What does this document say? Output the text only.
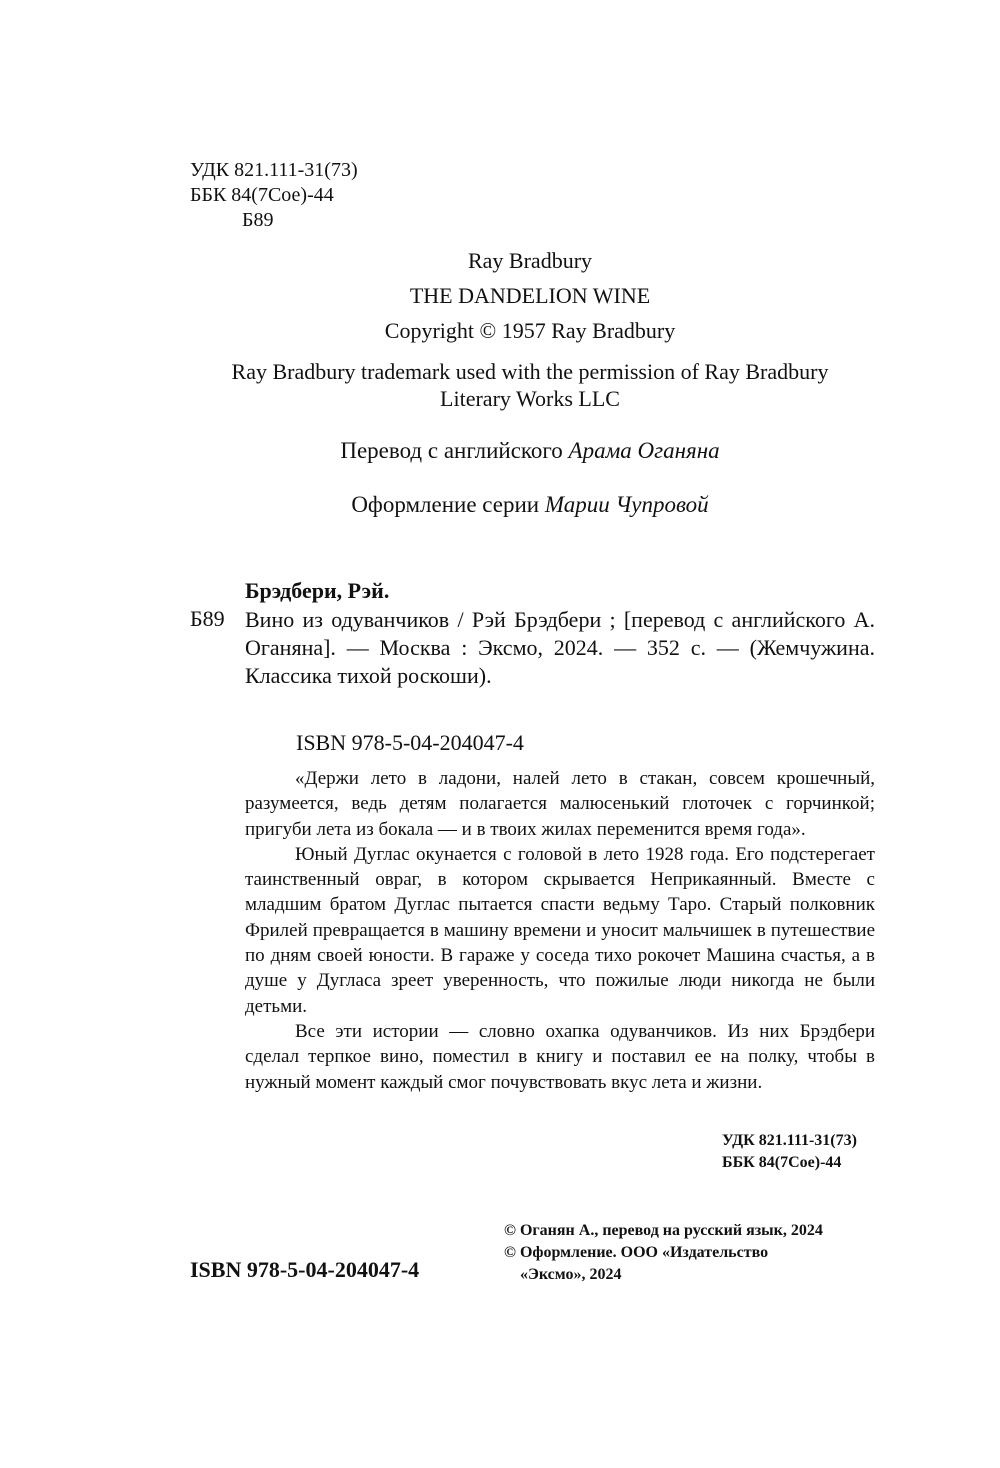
УДК 821.111-31(73)
ББК 84(7Сое)-44
Б89
Ray Bradbury
THE DANDELION WINE
Copyright © 1957 Ray Bradbury
Ray Bradbury trademark used with the permission of Ray Bradbury
Literary Works LLC
Перевод с английского Арама Оганяна
Оформление серии Марии Чупровой
Брэдбери, Рэй.
Б89 Вино из одуванчиков / Рэй Брэдбери ; [перевод с английского А. Оганяна]. — Москва : Эксмо, 2024. — 352 с. — (Жемчужина. Классика тихой роскоши).
ISBN 978-5-04-204047-4

«Держи лето в ладони, налей лето в стакан, совсем крошечный, разумеется, ведь детям полагается малюсенький глоточек с горчинкой; пригуби лета из бокала — и в твоих жилах переменится время года».

Юный Дуглас окунается с головой в лето 1928 года. Его подстерегает таинственный овраг, в котором скрывается Неприкаянный. Вместе с младшим братом Дуглас пытается спасти ведьму Таро. Старый полковник Фрилей превращается в машину времени и уносит мальчишек в путешествие по дням своей юности. В гараже у соседа тихо рокочет Машина счастья, а в душе у Дугласа зреет уверенность, что пожилые люди никогда не были детьми.

Все эти истории — словно охапка одуванчиков. Из них Брэдбери сделал терпкое вино, поместил в книгу и поставил ее на полку, чтобы в нужный момент каждый смог почувствовать вкус лета и жизни.

УДК 821.111-31(73)
ББК 84(7Сое)-44
© Оганян А., перевод на русский язык, 2024
© Оформление. ООО «Издательство
«Эксмо», 2024
ISBN 978-5-04-204047-4
